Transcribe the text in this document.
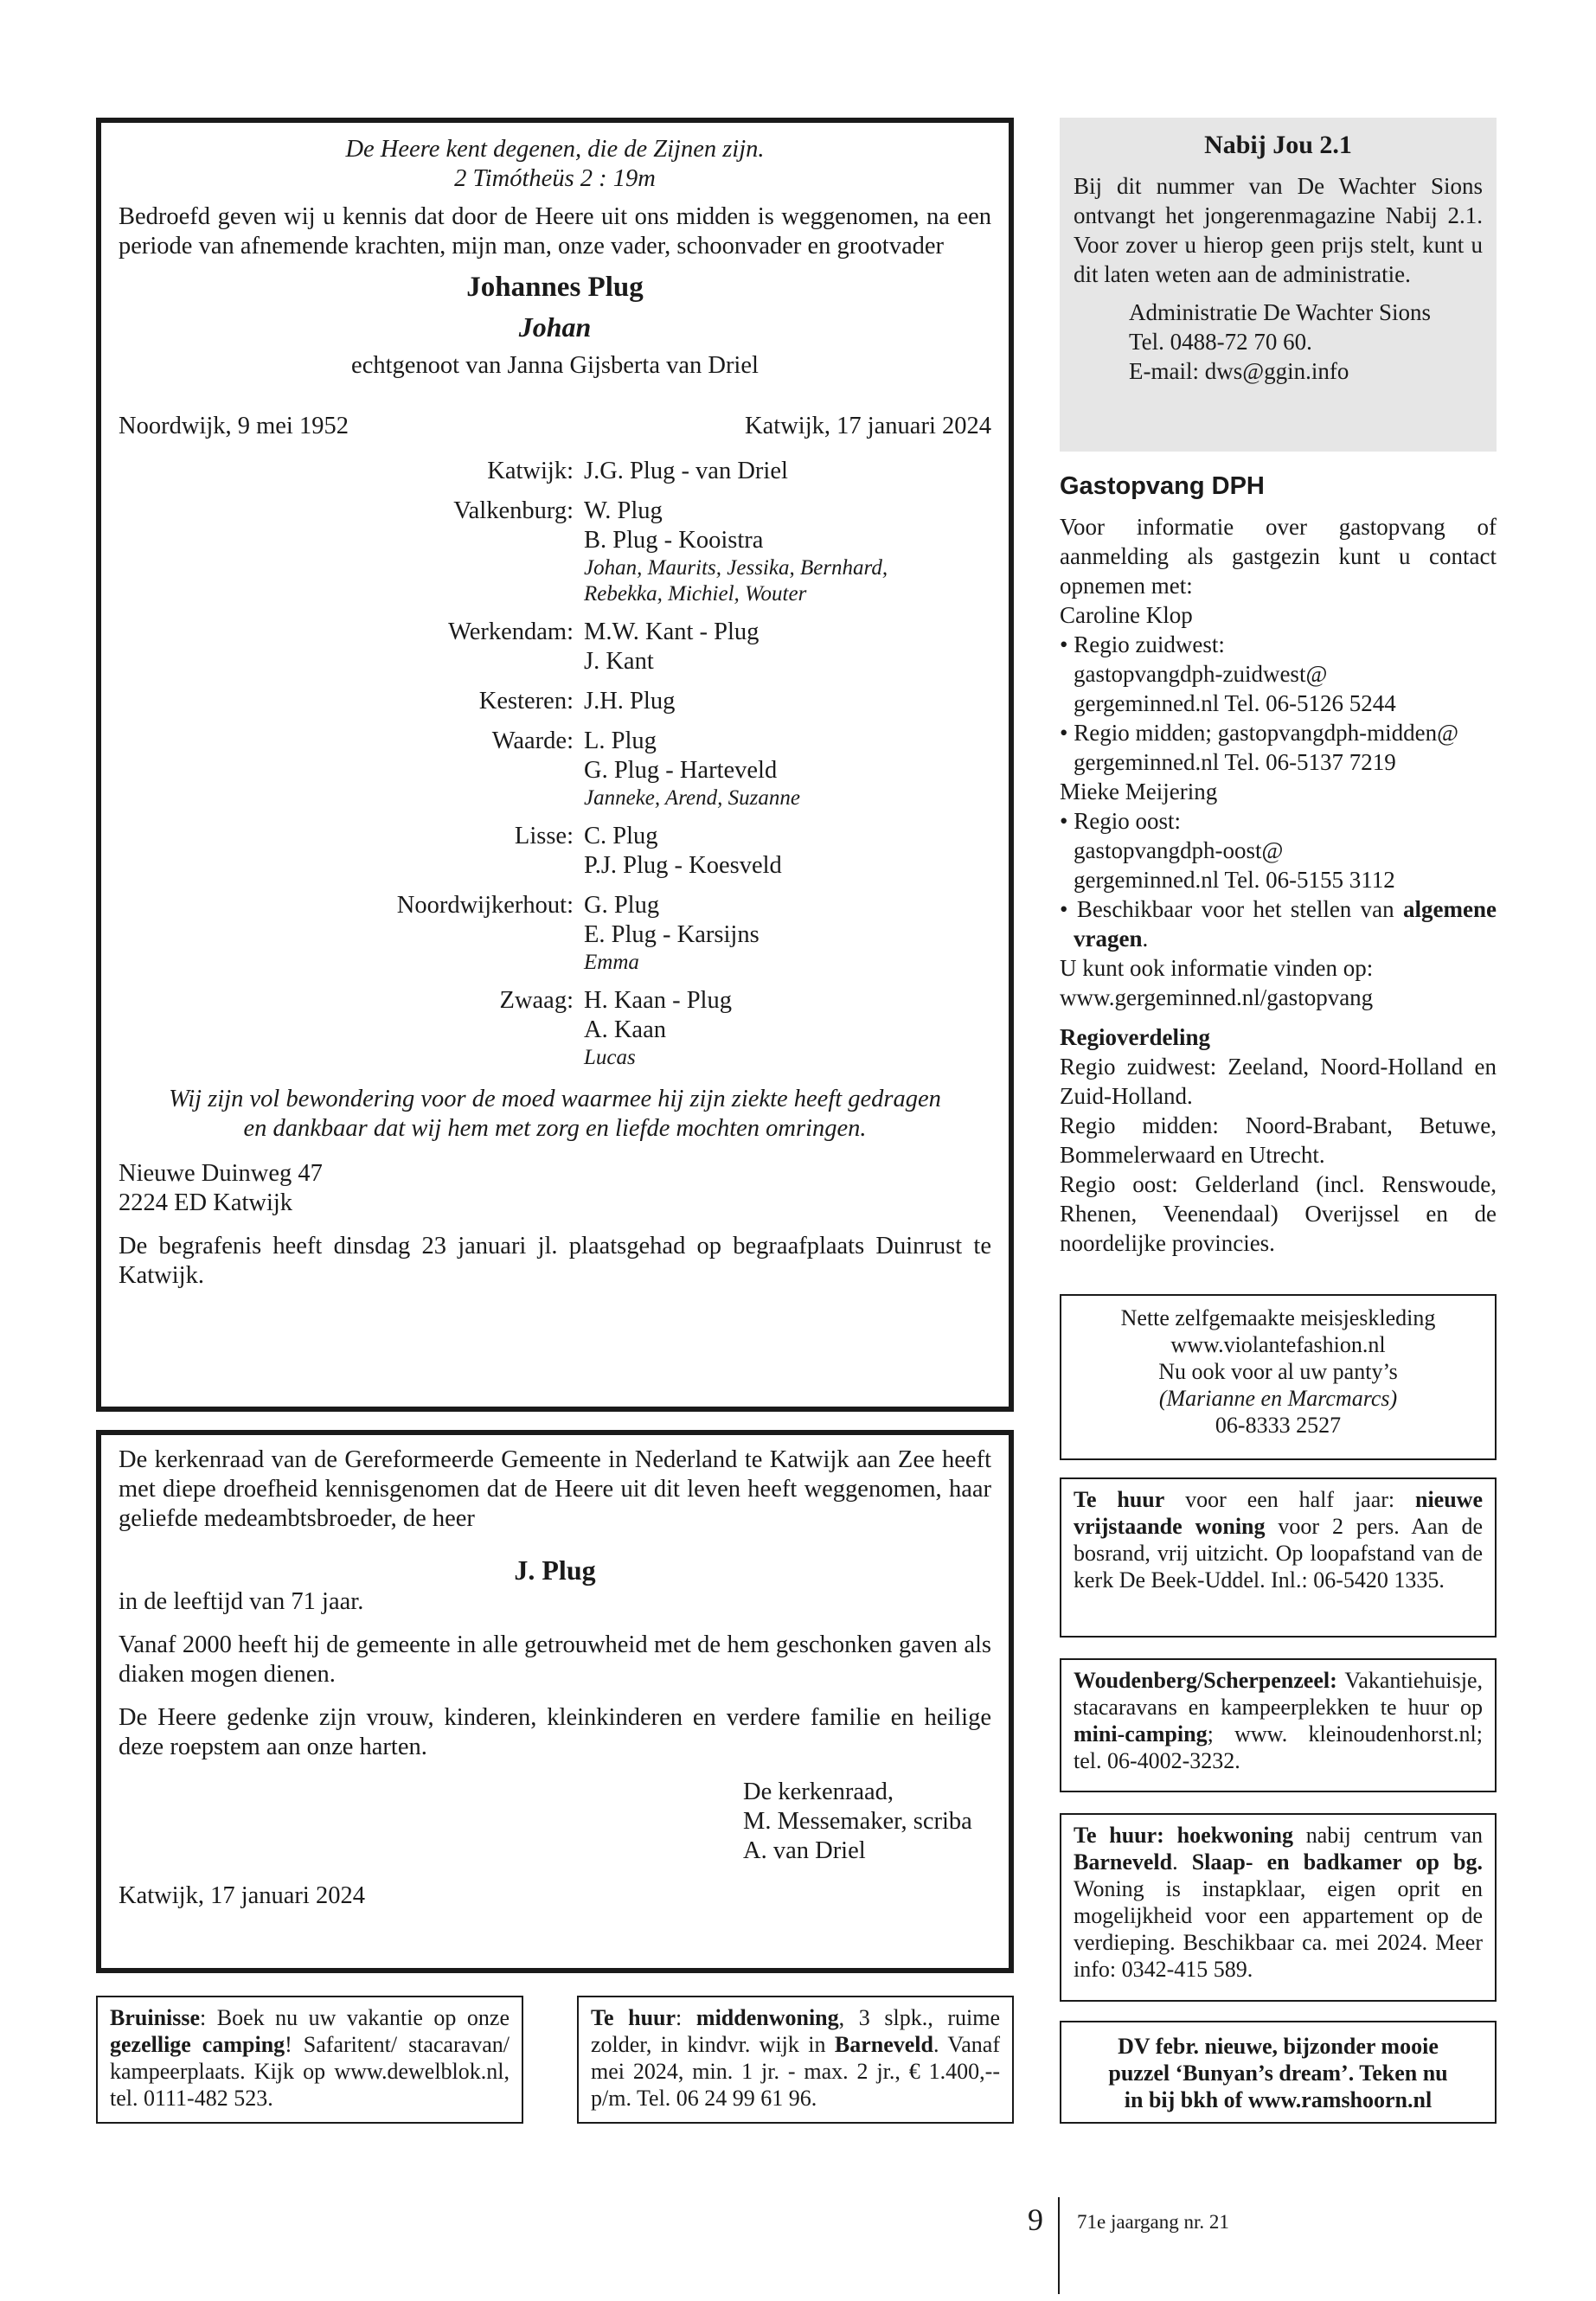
De Heere kent degenen, die de Zijnen zijn.
2 Timótheüs 2 : 19m

Bedroefd geven wij u kennis dat door de Heere uit ons midden is weggenomen, na een periode van afnemende krachten, mijn man, onze vader, schoonvader en grootvader

Johannes Plug
Johan
echtgenoot van Janna Gijsberta van Driel
Noordwijk, 9 mei 1952	Katwijk, 17 januari 2024
Katwijk: J.G. Plug - van Driel
Valkenburg: W. Plug
B. Plug - Kooistra
Johan, Maurits, Jessika, Bernhard,
Rebekka, Michiel, Wouter
Werkendam: M.W. Kant - Plug
J. Kant
Kesteren: J.H. Plug
Waarde: L. Plug
G. Plug - Harteveld
Janneke, Arend, Suzanne
Lisse: C. Plug
P.J. Plug - Koesveld
Noordwijkerhout: G. Plug
E. Plug - Karsijns
Emma
Zwaag: H. Kaan - Plug
A. Kaan
Lucas
Wij zijn vol bewondering voor de moed waarmee hij zijn ziekte heeft gedragen
en dankbaar dat wij hem met zorg en liefde mochten omringen.
Nieuwe Duinweg 47
2224 ED Katwijk

De begrafenis heeft dinsdag 23 januari jl. plaatsgehad op begraafplaats Duinrust te Katwijk.

De kerkenraad van de Gereformeerde Gemeente in Nederland te Katwijk aan Zee heeft met diepe droefheid kennisgenomen dat de Heere uit dit leven heeft weggenomen, haar geliefde medeambtsbroeder, de heer

J. Plug
in de leeftijd van 71 jaar.

Vanaf 2000 heeft hij de gemeente in alle getrouwheid met de hem geschonken gaven als diaken mogen dienen.

De Heere gedenke zijn vrouw, kinderen, kleinkinderen en verdere familie en heilige deze roepstem aan onze harten.

De kerkenraad,
M. Messemaker, scriba
A. van Driel
Katwijk, 17 januari 2024
Bruinisse: Boek nu uw vakantie op onze gezellige camping! Safaritent/ stacaravan/ kampeerplaats. Kijk op www.dewelblok.nl, tel. 0111-482 523.
Te huur: middenwoning, 3 slpk., ruime zolder, in kindvr. wijk in Barneveld. Vanaf mei 2024, min. 1 jr. - max. 2 jr., € 1.400,-- p/m. Tel. 06 24 99 61 96.
Nabij Jou 2.1

Bij dit nummer van De Wachter Sions ontvangt het jongerenmagazine Nabij 2.1. Voor zover u hierop geen prijs stelt, kunt u dit laten weten aan de administratie.

Administratie De Wachter Sions
Tel. 0488-72 70 60.
E-mail: dws@ggin.info
Gastopvang DPH

Voor informatie over gastopvang of aanmelding als gastgezin kunt u contact opnemen met:

Caroline Klop
• Regio zuidwest:
gastopvangdph-zuidwest@
gergeminned.nl Tel. 06-5126 5244
• Regio midden; gastopvangdph-midden@
gergeminned.nl Tel. 06-5137 7219
Mieke Meijering
• Regio oost:
gastopvangdph-oost@
gergeminned.nl Tel. 06-5155 3112
• Beschikbaar voor het stellen van algemene vragen.
U kunt ook informatie vinden op: www.gergeminned.nl/gastopvang
Regioverdeling

Regio zuidwest: Zeeland, Noord-Holland en Zuid-Holland.

Regio midden: Noord-Brabant, Betuwe, Bommelerwaard en Utrecht.

Regio oost: Gelderland (incl. Renswoude, Rhenen, Veenendaal) Overijssel en de noordelijke provincies.

Nette zelfgemaakte meisjeskleding
www.violantefashion.nl
Nu ook voor al uw panty’s
(Marianne en Marcmarcs)
06-8333 2527
Te huur voor een half jaar: nieuwe vrijstaande woning voor 2 pers. Aan de bosrand, vrij uitzicht. Op loopafstand van de kerk De Beek-Uddel. Inl.: 06-5420 1335.
Woudenberg/Scherpenzeel: Vakantiehuisje, stacaravans en kampeerplekken te huur op mini-camping; www. kleinoudenhorst.nl; tel. 06-4002-3232.
Te huur: hoekwoning nabij centrum van Barneveld. Slaap- en badkamer op bg. Woning is instapklaar, eigen oprit en mogelijkheid voor een appartement op de verdieping. Beschikbaar ca. mei 2024. Meer info: 0342-415 589.
DV febr. nieuwe, bijzonder mooie
puzzel ‘Bunyan’s dream’. Teken nu
in bij bkh of www.ramshoorn.nl
9 71e jaargang nr. 21
